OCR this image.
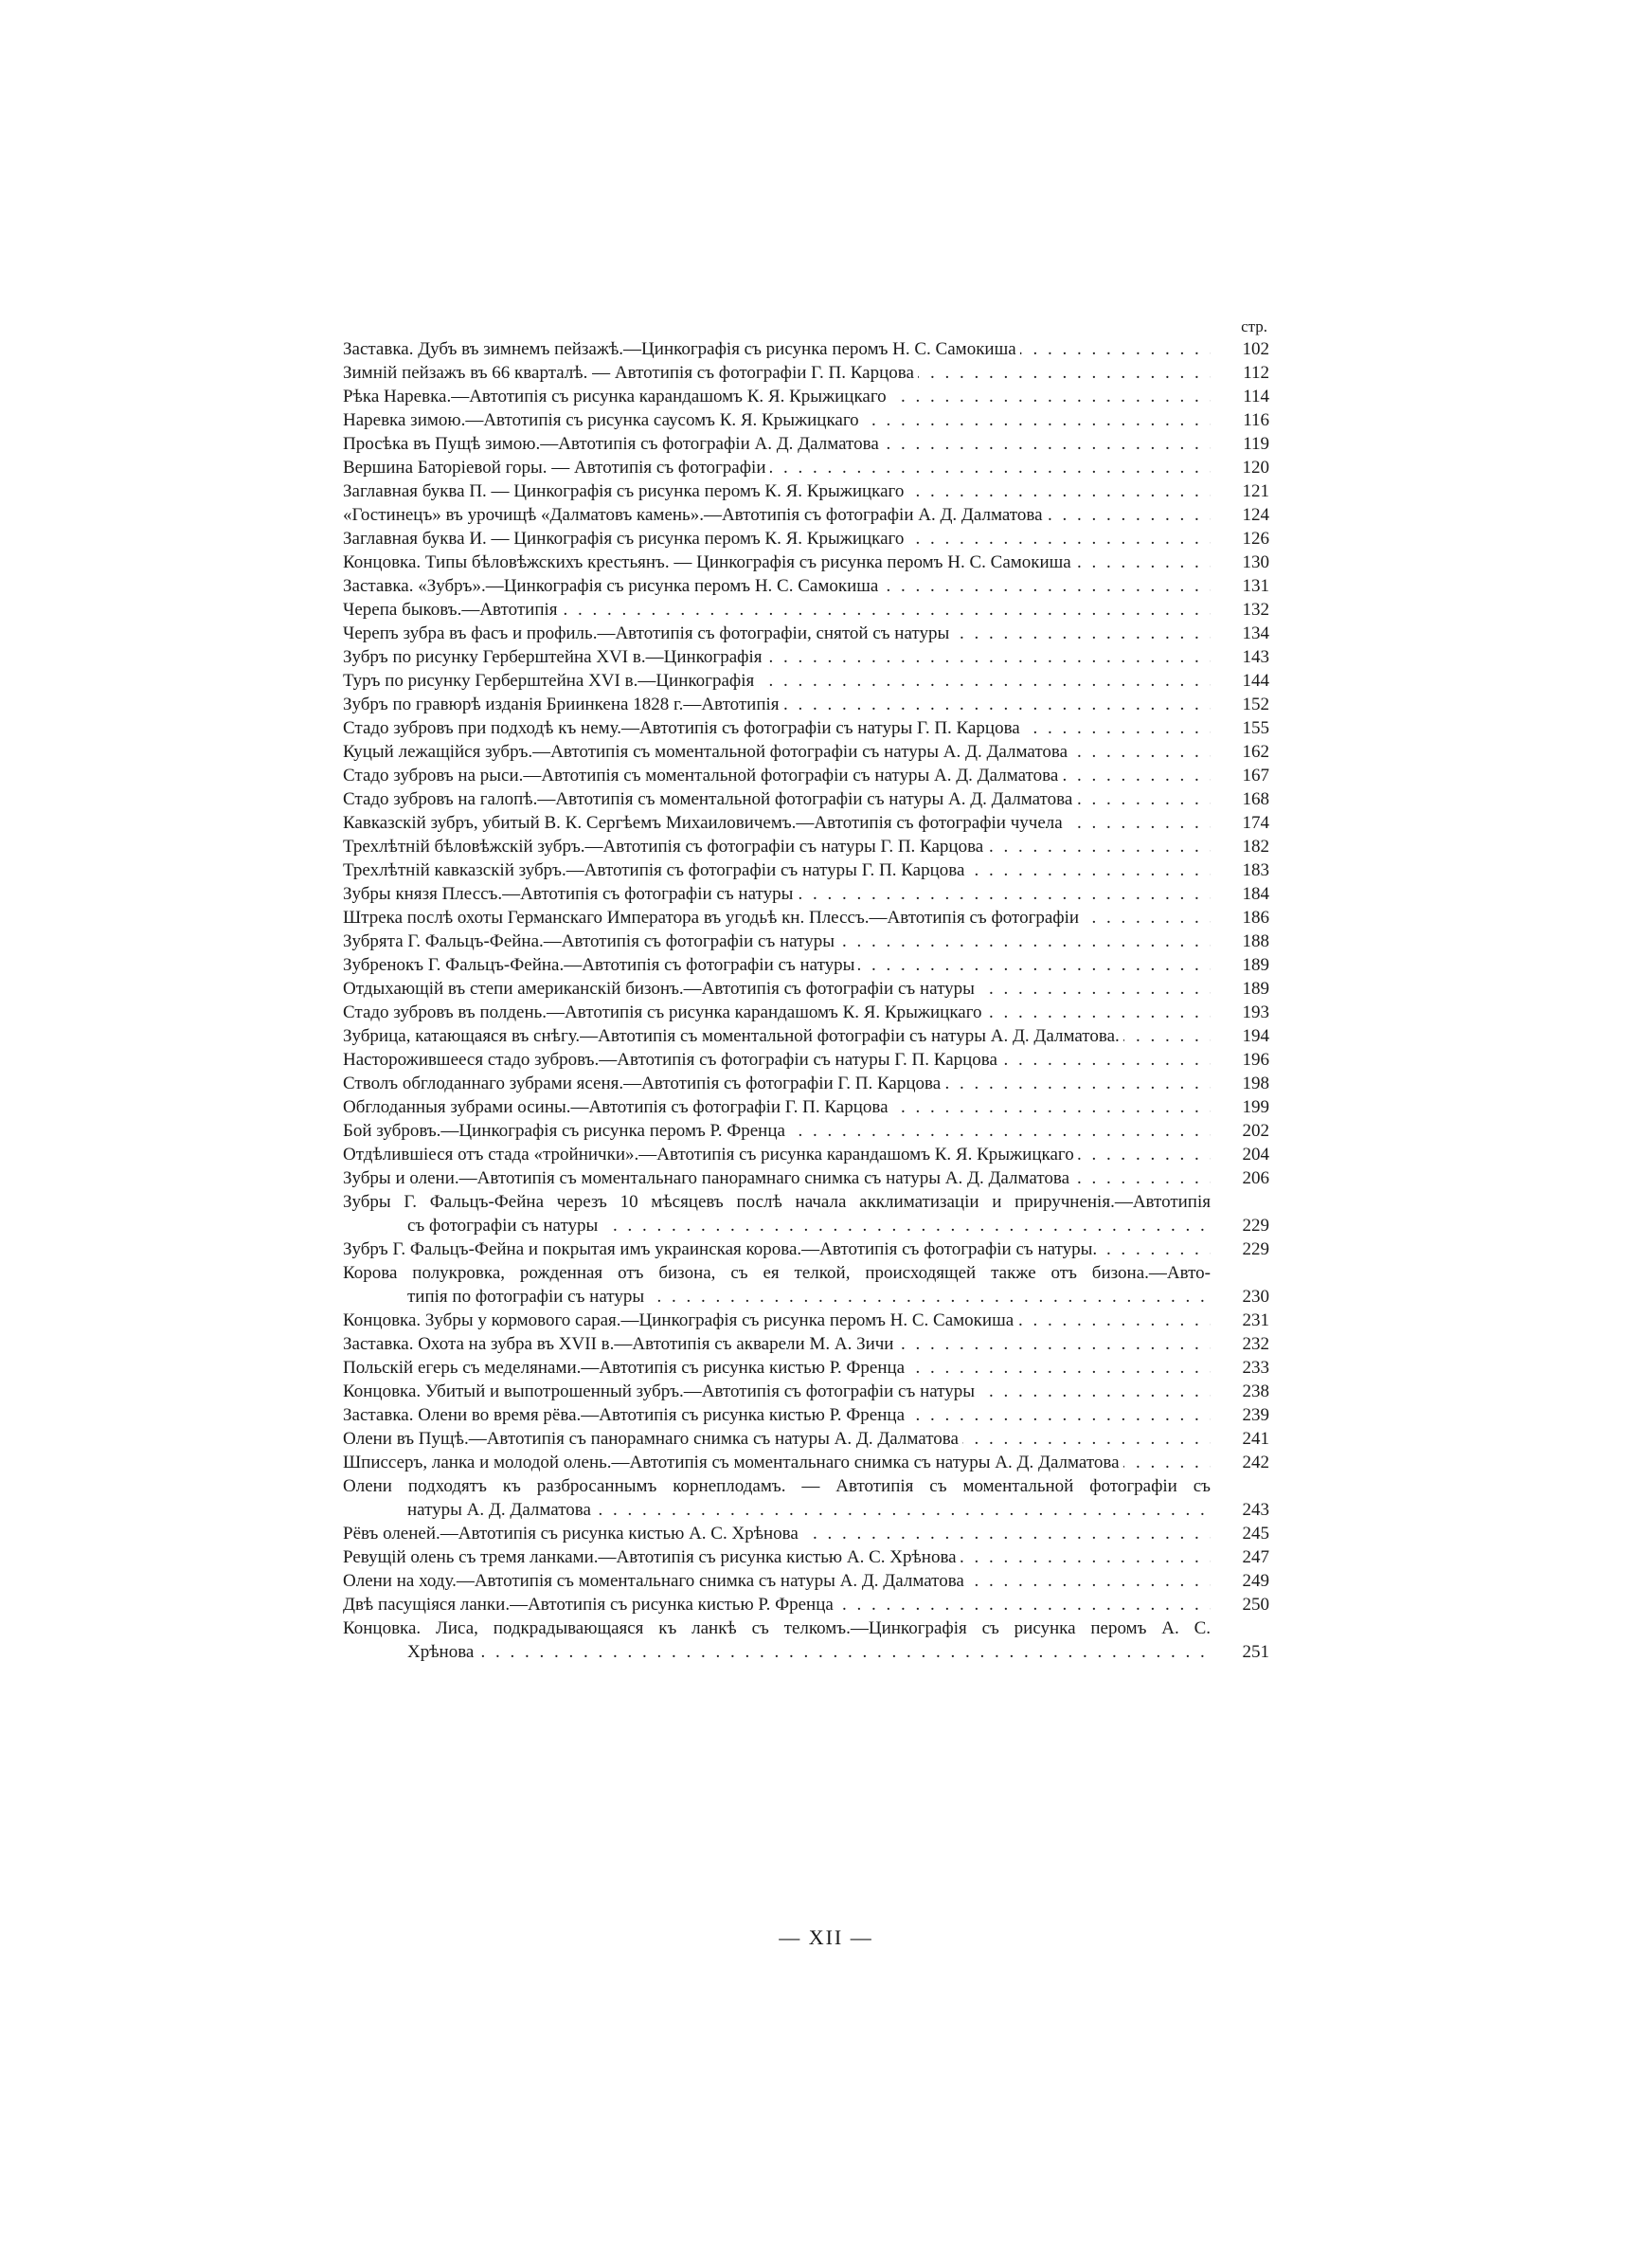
стр.
Заставка. Дубъ въ зимнемъ пейзажѣ.—Цинкографія съ рисунка перомъ Н. С. Самокиша . . .	102
Зимній пейзажъ въ 66 кварталѣ. — Автотипія съ фотографіи Г. П. Карцова . . .	112
Рѣка Наревка.—Автотипія съ рисунка карандашомъ К. Я. Крыжицкаго . . .	114
Наревка зимою.—Автотипія съ рисунка саусомъ К. Я. Крыжицкаго . . .	116
Просѣка въ Пущѣ зимою.—Автотипія съ фотографіи А. Д. Далматова . . .	119
Вершина Баторіевой горы. — Автотипія съ фотографіи . . .	120
Заглавная буква П. — Цинкографія съ рисунка перомъ К. Я. Крыжицкаго . . .	121
«Гостинецъ» въ урочищѣ «Далматовъ камень».—Автотипія съ фотографіи А. Д. Далматова . . .	124
Заглавная буква И. — Цинкографія съ рисунка перомъ К. Я. Крыжицкаго . . .	126
Концовка. Типы бѣловѣжскихъ крестьянъ. — Цинкографія съ рисунка перомъ Н. С. Самокиша . . .	130
Заставка. «Зубръ».—Цинкографія съ рисунка перомъ Н. С. Самокиша . . .	131
Черепа быковъ.—Автотипія . . .	132
Черепъ зубра въ фасъ и профиль.—Автотипія съ фотографіи, снятой съ натуры . . .	134
Зубръ по рисунку Герберштейна XVI в.—Цинкографія . . .	143
Туръ по рисунку Герберштейна XVI в.—Цинкографія . . .	144
Зубръ по гравюрѣ изданія Бриинкена 1828 г.—Автотипія . . .	152
Стадо зубровъ при подходѣ къ нему.—Автотипія съ фотографіи съ натуры Г. П. Карцова . . .	155
Куцый лежащійся зубръ.—Автотипія съ моментальной фотографіи съ натуры А. Д. Далматова . . .	162
Стадо зубровъ на рыси.—Автотипія съ моментальной фотографіи съ натуры А. Д. Далматова . . .	167
Стадо зубровъ на галопѣ.—Автотипія съ моментальной фотографіи съ натуры А. Д. Далматова . . .	168
Кавказскій зубръ, убитый В. К. Сергѣемъ Михаиловичемъ.—Автотипія съ фотографіи чучела . . .	174
Трехлѣтній бѣловѣжскій зубръ.—Автотипія съ фотографіи съ натуры Г. П. Карцова . . .	182
Трехлѣтній кавказскій зубръ.—Автотипія съ фотографіи съ натуры Г. П. Карцова . . .	183
Зубры князя Плессъ.—Автотипія съ фотографіи съ натуры . . .	184
Штрека послѣ охоты Германскаго Императора въ угодьѣ кн. Плессъ.—Автотипія съ фотографіи . . .	186
Зубрята Г. Фальцъ-Фейна.—Автотипія съ фотографіи съ натуры . . .	188
Зубренокъ Г. Фальцъ-Фейна.—Автотипія съ фотографіи съ натуры . . .	189
Отдыхающій въ степи американскій бизонъ.—Автотипія съ фотографіи съ натуры . . .	189
Стадо зубровъ въ полдень.—Автотипія съ рисунка карандашомъ К. Я. Крыжицкаго . . .	193
Зубрица, катающаяся въ снѣгу.—Автотипія съ моментальной фотографіи съ натуры А. Д. Далматова. . . .	194
Насторожившееся стадо зубровъ.—Автотипія съ фотографіи съ натуры Г. П. Карцова . . .	196
Стволъ обглоданнаго зубрами ясеня.—Автотипія съ фотографіи Г. П. Карцова . . .	198
Обглоданныя зубрами осины.—Автотипія съ фотографіи Г. П. Карцова . . .	199
Бой зубровъ.—Цинкографія съ рисунка перомъ Р. Френца . . .	202
Отдѣлившіеся отъ стада «тройнички».—Автотипія съ рисунка карандашомъ К. Я. Крыжицкаго . . .	204
Зубры и олени.—Автотипія съ моментальнаго панорамнаго снимка съ натуры А. Д. Далматова . . .	206
Зубры Г. Фальцъ-Фейна черезъ 10 мѣсяцевъ послѣ начала акклиматизаціи и приручненія.—Автотипія
съ фотографіи съ натуры . . .	229
Зубръ Г. Фальцъ-Фейна и покрытая имъ украинская корова.—Автотипія съ фотографіи съ натуры. . . .	229
Корова полукровка, рожденная отъ бизона, съ ея телкой, происходящей также отъ бизона.—Авто-
типія по фотографіи съ натуры . . .	230
Концовка. Зубры у кормового сарая.—Цинкографія съ рисунка перомъ Н. С. Самокиша . . .	231
Заставка. Охота на зубра въ XVII в.—Автотипія съ акварели М. А. Зичи . . .	232
Польскій егерь съ меделянами.—Автотипія съ рисунка кистью Р. Френца . . .	233
Концовка. Убитый и выпотрошенный зубръ.—Автотипія съ фотографіи съ натуры . . .	238
Заставка. Олени во время рёва.—Автотипія съ рисунка кистью Р. Френца . . .	239
Олени въ Пущѣ.—Автотипія съ панорамнаго снимка съ натуры А. Д. Далматова . . .	241
Шписсеръ, ланка и молодой олень.—Автотипія съ моментальнаго снимка съ натуры А. Д. Далматова . . .	242
Олени подходятъ къ разбросаннымъ корнеплодамъ. — Автотипія съ моментальной фотографіи съ
натуры А. Д. Далматова . . .	243
Рёвъ оленей.—Автотипія съ рисунка кистью А. С. Хрѣнова . . .	245
Ревущій олень съ тремя ланками.—Автотипія съ рисунка кистью А. С. Хрѣнова . . .	247
Олени на ходу.—Автотипія съ моментальнаго снимка съ натуры А. Д. Далматова . . .	249
Двѣ пасущіяся ланки.—Автотипія съ рисунка кистью Р. Френца . . .	250
Концовка. Лиса, подкрадывающаяся къ ланкѣ съ телкомъ.—Цинкографія съ рисунка перомъ А. С.
Хрѣнова . . .	251
— XII —
